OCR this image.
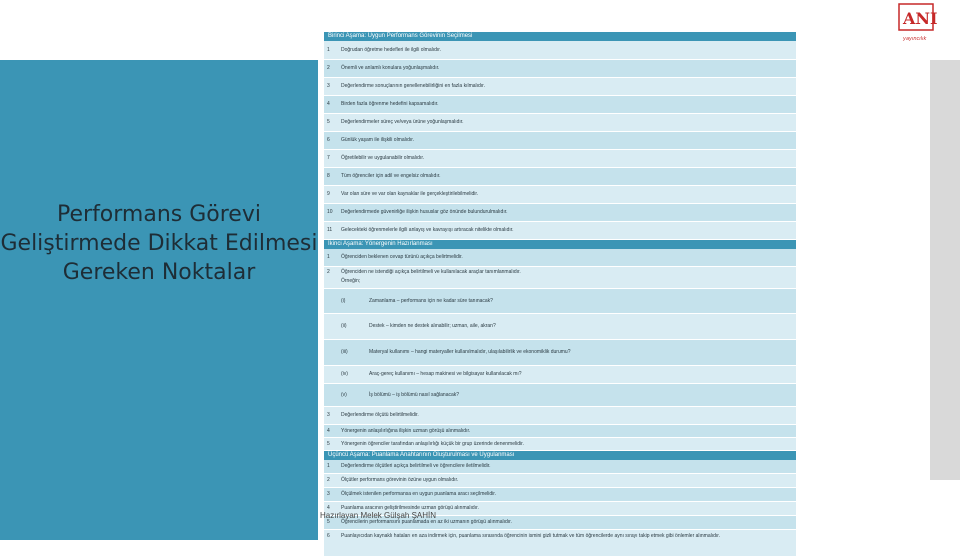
Performans Görevi Geliştirmede Dikkat Edilmesi Gereken Noktalar
ANI
yayıncılık
Birinci Aşama: Uygun Performans Görevinin Seçilmesi
1	Doğrudan öğretme hedefleri ile ilgili olmalıdır.
2	Önemli ve anlamlı konulara yoğunlaşmalıdır.
3	Değerlendirme sonuçlarının genellenebilirliğini en fazla kılmalıdır.
4	Birden fazla öğrenme hedefini kapsamalıdır.
5	Değerlendirmeler süreç ve/veya ürüne yoğunlaşmalıdır.
6	Günlük yaşam ile ilişkili olmalıdır.
7	Öğretilebilir ve uygulanabilir olmalıdır.
8	Tüm öğrenciler için adil ve engelsiz olmalıdır.
9	Var olan süre ve var olan kaynaklar ile gerçekleştirilebilmelidir.
10	Değerlendirmede güvenirliğe ilişkin hususlar göz önünde bulundurulmalıdır.
11	Gelecekteki öğrenmelerle ilgili anlayış ve kavrayışı artıracak nitelikte olmalıdır.
İkinci Aşama: Yönergenin Hazırlanması
1	Öğrenciden beklenen cevap türünü açıkça belirtmelidir.
2	Öğrenciden ne istendiği açıkça belirtilmeli ve kullanılacak araçlar tanımlanmalıdır.
Örneğin;
(i)	Zamanlama – performans için ne kadar süre tanınacak?
(ii)	Destek – kimden ne destek alınabilir; uzman, aile, akran?
(iii)	Materyal kullanımı – hangi materyaller kullanılmalıdır, ulaşılabilirlik ve ekonomiklik durumu?
(iv)	Araç-gereç kullanımı – hesap makinesi ve bilgisayar kullanılacak mı?
(v)	İş bölümü – iş bölümü nasıl sağlanacak?
3	Değerlendirme ölçütü belirtilmelidir.
4	Yönergenin anlaşılırlığına ilişkin uzman görüşü alınmalıdır.
5	Yönergenin öğrenciler tarafından anlaşılırlığı küçük bir grup üzerinde denenmelidir.
Üçüncü Aşama: Puanlama Anahtarının Oluşturulması ve Uygulanması
1	Değerlendirme ölçütleri açıkça belirtilmeli ve öğrencilere iletilmelidir.
2	Ölçütler performans görevinin özüne uygun olmalıdır.
3	Ölçülmek istenilen performansa en uygun puanlama aracı seçilmelidir.
4	Puanlama aracının geliştirilmesinde uzman görüşü alınmalıdır.
5	Öğrencilerin performansını puanlamada en az iki uzmanın görüşü alınmalıdır.
6	Puanlayıcıdan kaynaklı hataları en aza indirmek için, puanlama sırasında öğrencinin ismini gizli tutmak ve tüm öğrencilerde aynı sırayı takip etmek gibi önlemler alınmalıdır.
Hazırlayan Melek Gülşah ŞAHİN
